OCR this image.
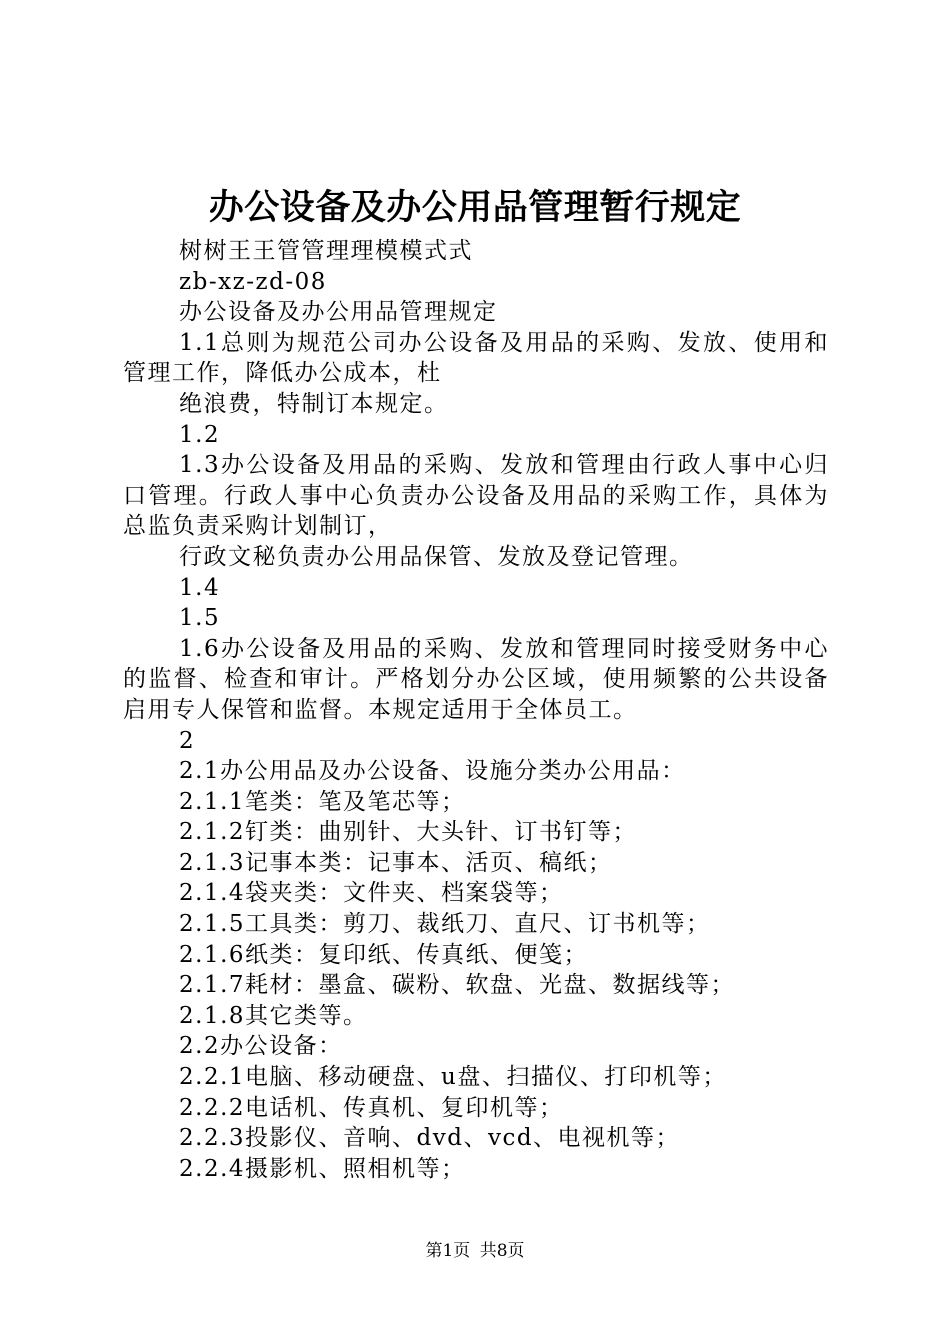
办公设备及办公用品管理暂行规定

树树王王管管理理模模式式

zb-xz-zd-08

办公设备及办公用品管理规定

1.1总则为规范公司办公设备及用品的采购、发放、使用和管理工作，降低办公成本，杜

绝浪费，特制订本规定。

1.2

1.3办公设备及用品的采购、发放和管理由行政人事中心归口管理。行政人事中心负责办公设备及用品的采购工作，具体为总监负责采购计划制订，

行政文秘负责办公用品保管、发放及登记管理。

1.4

1.5

1.6办公设备及用品的采购、发放和管理同时接受财务中心的监督、检查和审计。严格划分办公区域，使用频繁的公共设备启用专人保管和监督。本规定适用于全体员工。

2

2.1办公用品及办公设备、设施分类办公用品：

2.1.1笔类：笔及笔芯等；

2.1.2钉类：曲别针、大头针、订书钉等；

2.1.3记事本类：记事本、活页、稿纸；

2.1.4袋夹类：文件夹、档案袋等；

2.1.5工具类：剪刀、裁纸刀、直尺、订书机等；

2.1.6纸类：复印纸、传真纸、便笺；

2.1.7耗材：墨盒、碳粉、软盘、光盘、数据线等；

2.1.8其它类等。

2.2办公设备：

2.2.1电脑、移动硬盘、u盘、扫描仪、打印机等；

2.2.2电话机、传真机、复印机等；

2.2.3投影仪、音响、dvd、vcd、电视机等；

2.2.4摄影机、照相机等；

第1页 共8页
